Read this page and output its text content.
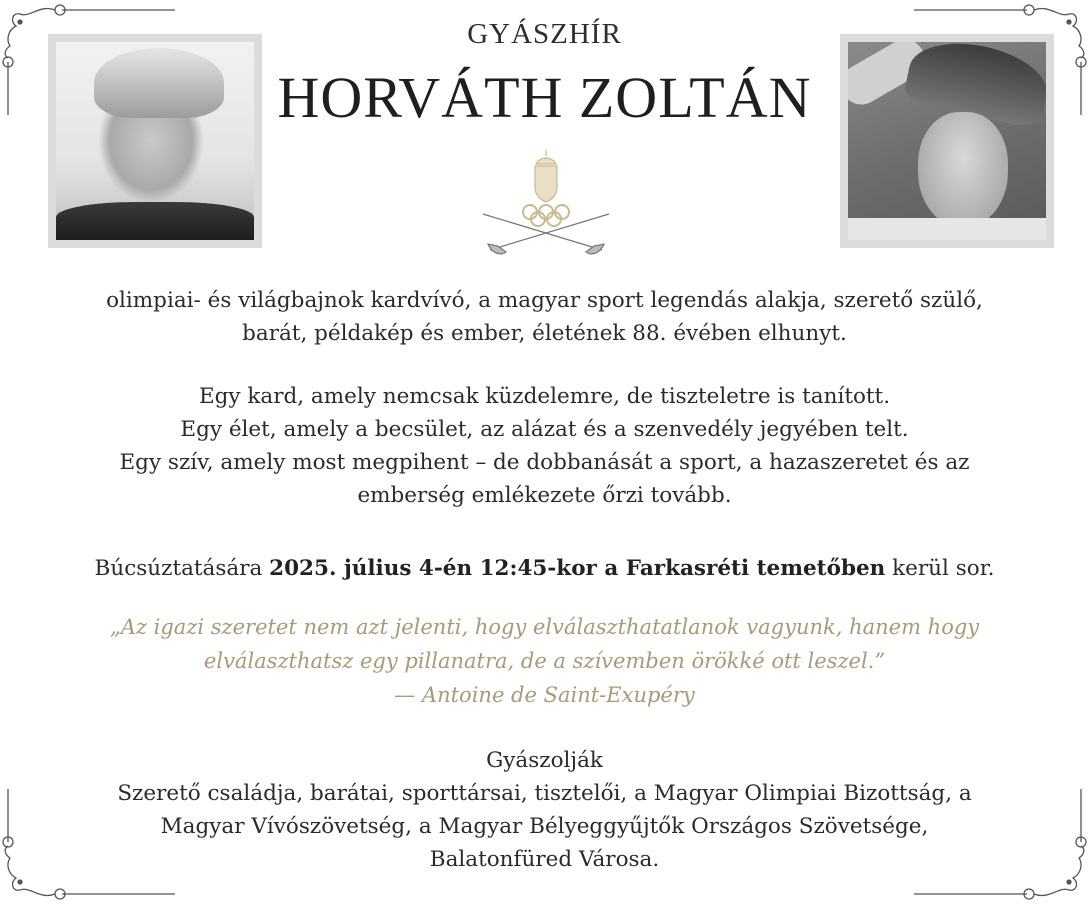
GYÁSZHÍR
HORVÁTH ZOLTÁN
olimpiai- és világbajnok kardvívó, a magyar sport legendás alakja, szerető szülő,
barát, példakép és ember, életének 88. évében elhunyt.
Egy kard, amely nemcsak küzdelemre, de tiszteletre is tanított.
Egy élet, amely a becsület, az alázat és a szenvedély jegyében telt.
Egy szív, amely most megpihent – de dobbanását a sport, a hazaszeretet és az
emberség emlékezete őrzi tovább.
Búcsúztatására 2025. július 4-én 12:45-kor a Farkasréti temetőben kerül sor.
„Az igazi szeretet nem azt jelenti, hogy elválaszthatatlanok vagyunk, hanem hogy
elválaszthatsz egy pillanatra, de a szívemben örökké ott leszel.”
— Antoine de Saint-Exupéry
Gyászolják
Szerető családja, barátai, sporttársai, tisztelői, a Magyar Olimpiai Bizottság, a
Magyar Vívószövetség, a Magyar Bélyeggyűjtők Országos Szövetsége,
Balatonfüred Városa.
